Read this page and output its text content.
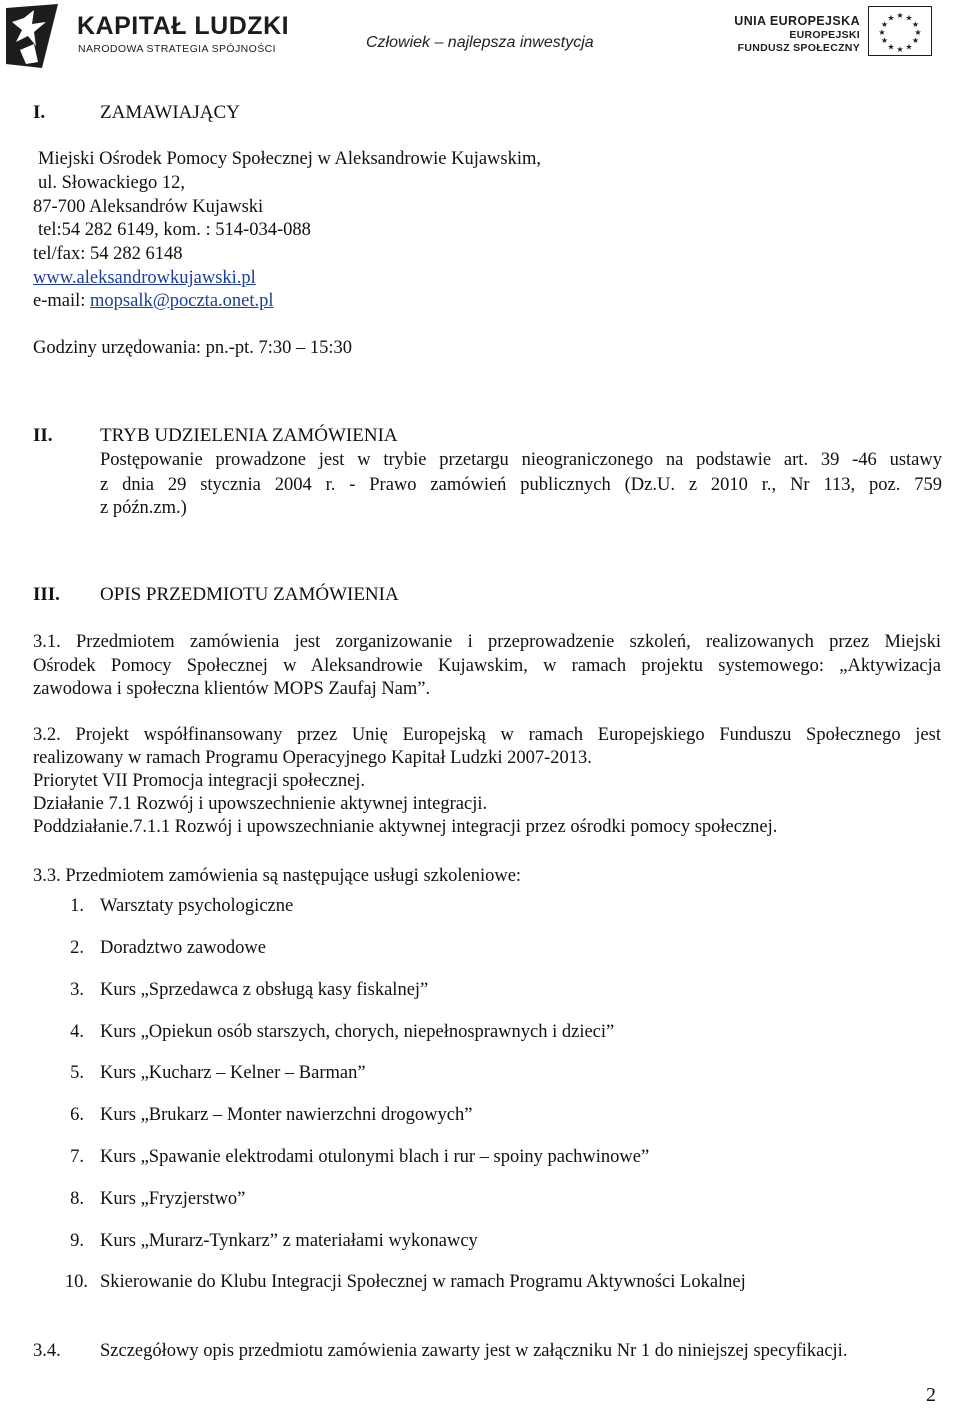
KAPITAŁ LUDZKI
NARODOWA STRATEGIA SPÓJNOŚCI	Człowiek – najlepsza inwestycja
UNIA EUROPEJSKA
EUROPEJSKI
FUNDUSZ SPOŁECZNY
★ ★
★
★
★
★
★
★
★
★
★
★
I.	ZAMAWIAJĄCY
Miejski Ośrodek Pomocy Społecznej w Aleksandrowie Kujawskim,
ul. Słowackiego 12,
87-700 Aleksandrów Kujawski
tel:54 282 6149, kom. : 514-034-088
tel/fax: 54 282 6148
www.aleksandrowkujawski.pl
e-mail: mopsalk@poczta.onet.pl
Godziny urzędowania: pn.-pt. 7:30 – 15:30
II. TRYB UDZIELENIA ZAMÓWIENIA
Postępowanie prowadzone jest w trybie przetargu nieograniczonego na podstawie art. 39 -46 ustawy
z dnia 29 stycznia 2004 r. - Prawo zamówień publicznych (Dz.U. z 2010 r., Nr 113, poz. 759
z późn.zm.)
III. OPIS PRZEDMIOTU ZAMÓWIENIA
3.1. Przedmiotem zamówienia jest zorganizowanie i przeprowadzenie szkoleń, realizowanych przez Miejski
Ośrodek Pomocy Społecznej w Aleksandrowie Kujawskim, w ramach projektu systemowego: „Aktywizacja
zawodowa i społeczna klientów MOPS Zaufaj Nam”.
3.2. Projekt współfinansowany przez Unię Europejską w ramach Europejskiego Funduszu Społecznego jest
realizowany w ramach Programu Operacyjnego Kapitał Ludzki 2007-2013.
Priorytet VII Promocja integracji społecznej.
Działanie 7.1 Rozwój i upowszechnienie aktywnej integracji.
Poddziałanie.7.1.1 Rozwój i upowszechnianie aktywnej integracji przez ośrodki pomocy społecznej.
3.3. Przedmiotem zamówienia są następujące usługi szkoleniowe:
1. Warsztaty psychologiczne
2. Doradztwo zawodowe
3. Kurs „Sprzedawca z obsługą kasy fiskalnej”
4. Kurs „Opiekun osób starszych, chorych, niepełnosprawnych i dzieci”
5. Kurs „Kucharz – Kelner – Barman”
6. Kurs „Brukarz – Monter nawierzchni drogowych”
7. Kurs „Spawanie elektrodami otulonymi blach i rur – spoiny pachwinowe”
8. Kurs „Fryzjerstwo”
9. Kurs „Murarz-Tynkarz” z materiałami wykonawcy
10. Skierowanie do Klubu Integracji Społecznej w ramach Programu Aktywności Lokalnej
3.4. Szczegółowy opis przedmiotu zamówienia zawarty jest w załączniku Nr 1 do niniejszej specyfikacji.
2
